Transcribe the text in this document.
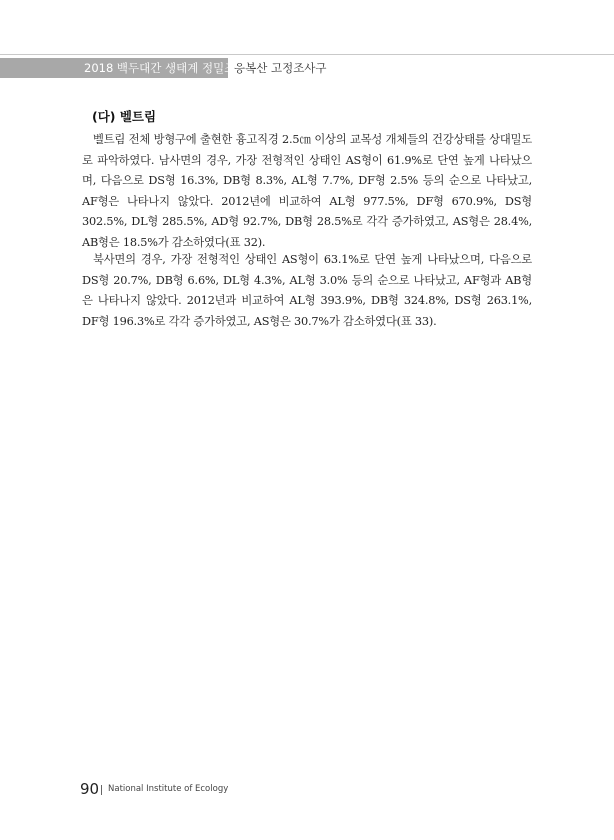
2018 백두대간 생태계 정밀조사
응복산 고정조사구
(다) 벨트림

벨트림 전체 방형구에 출현한 흉고직경 2.5㎝ 이상의 교목성 개체들의 건강상태를 상대밀도로 파악하였다. 남사면의 경우, 가장 전형적인 상태인 AS형이 61.9%로 단연 높게 나타났으며, 다음으로 DS형 16.3%, DB형 8.3%, AL형 7.7%, DF형 2.5% 등의 순으로 나타났고, AF형은 나타나지 않았다. 2012년에 비교하여 AL형 977.5%, DF형 670.9%, DS형 302.5%, DL형 285.5%, AD형 92.7%, DB형 28.5%로 각각 증가하였고, AS형은 28.4%, AB형은 18.5%가 감소하였다(표 32).

북사면의 경우, 가장 전형적인 상태인 AS형이 63.1%로 단연 높게 나타났으며, 다음으로 DS형 20.7%, DB형 6.6%, DL형 4.3%, AL형 3.0% 등의 순으로 나타났고, AF형과 AB형은 나타나지 않았다. 2012년과 비교하여 AL형 393.9%, DB형 324.8%, DS형 263.1%, DF형 196.3%로 각각 증가하였고, AS형은 30.7%가 감소하였다(표 33).

90 National Institute of Ecology
